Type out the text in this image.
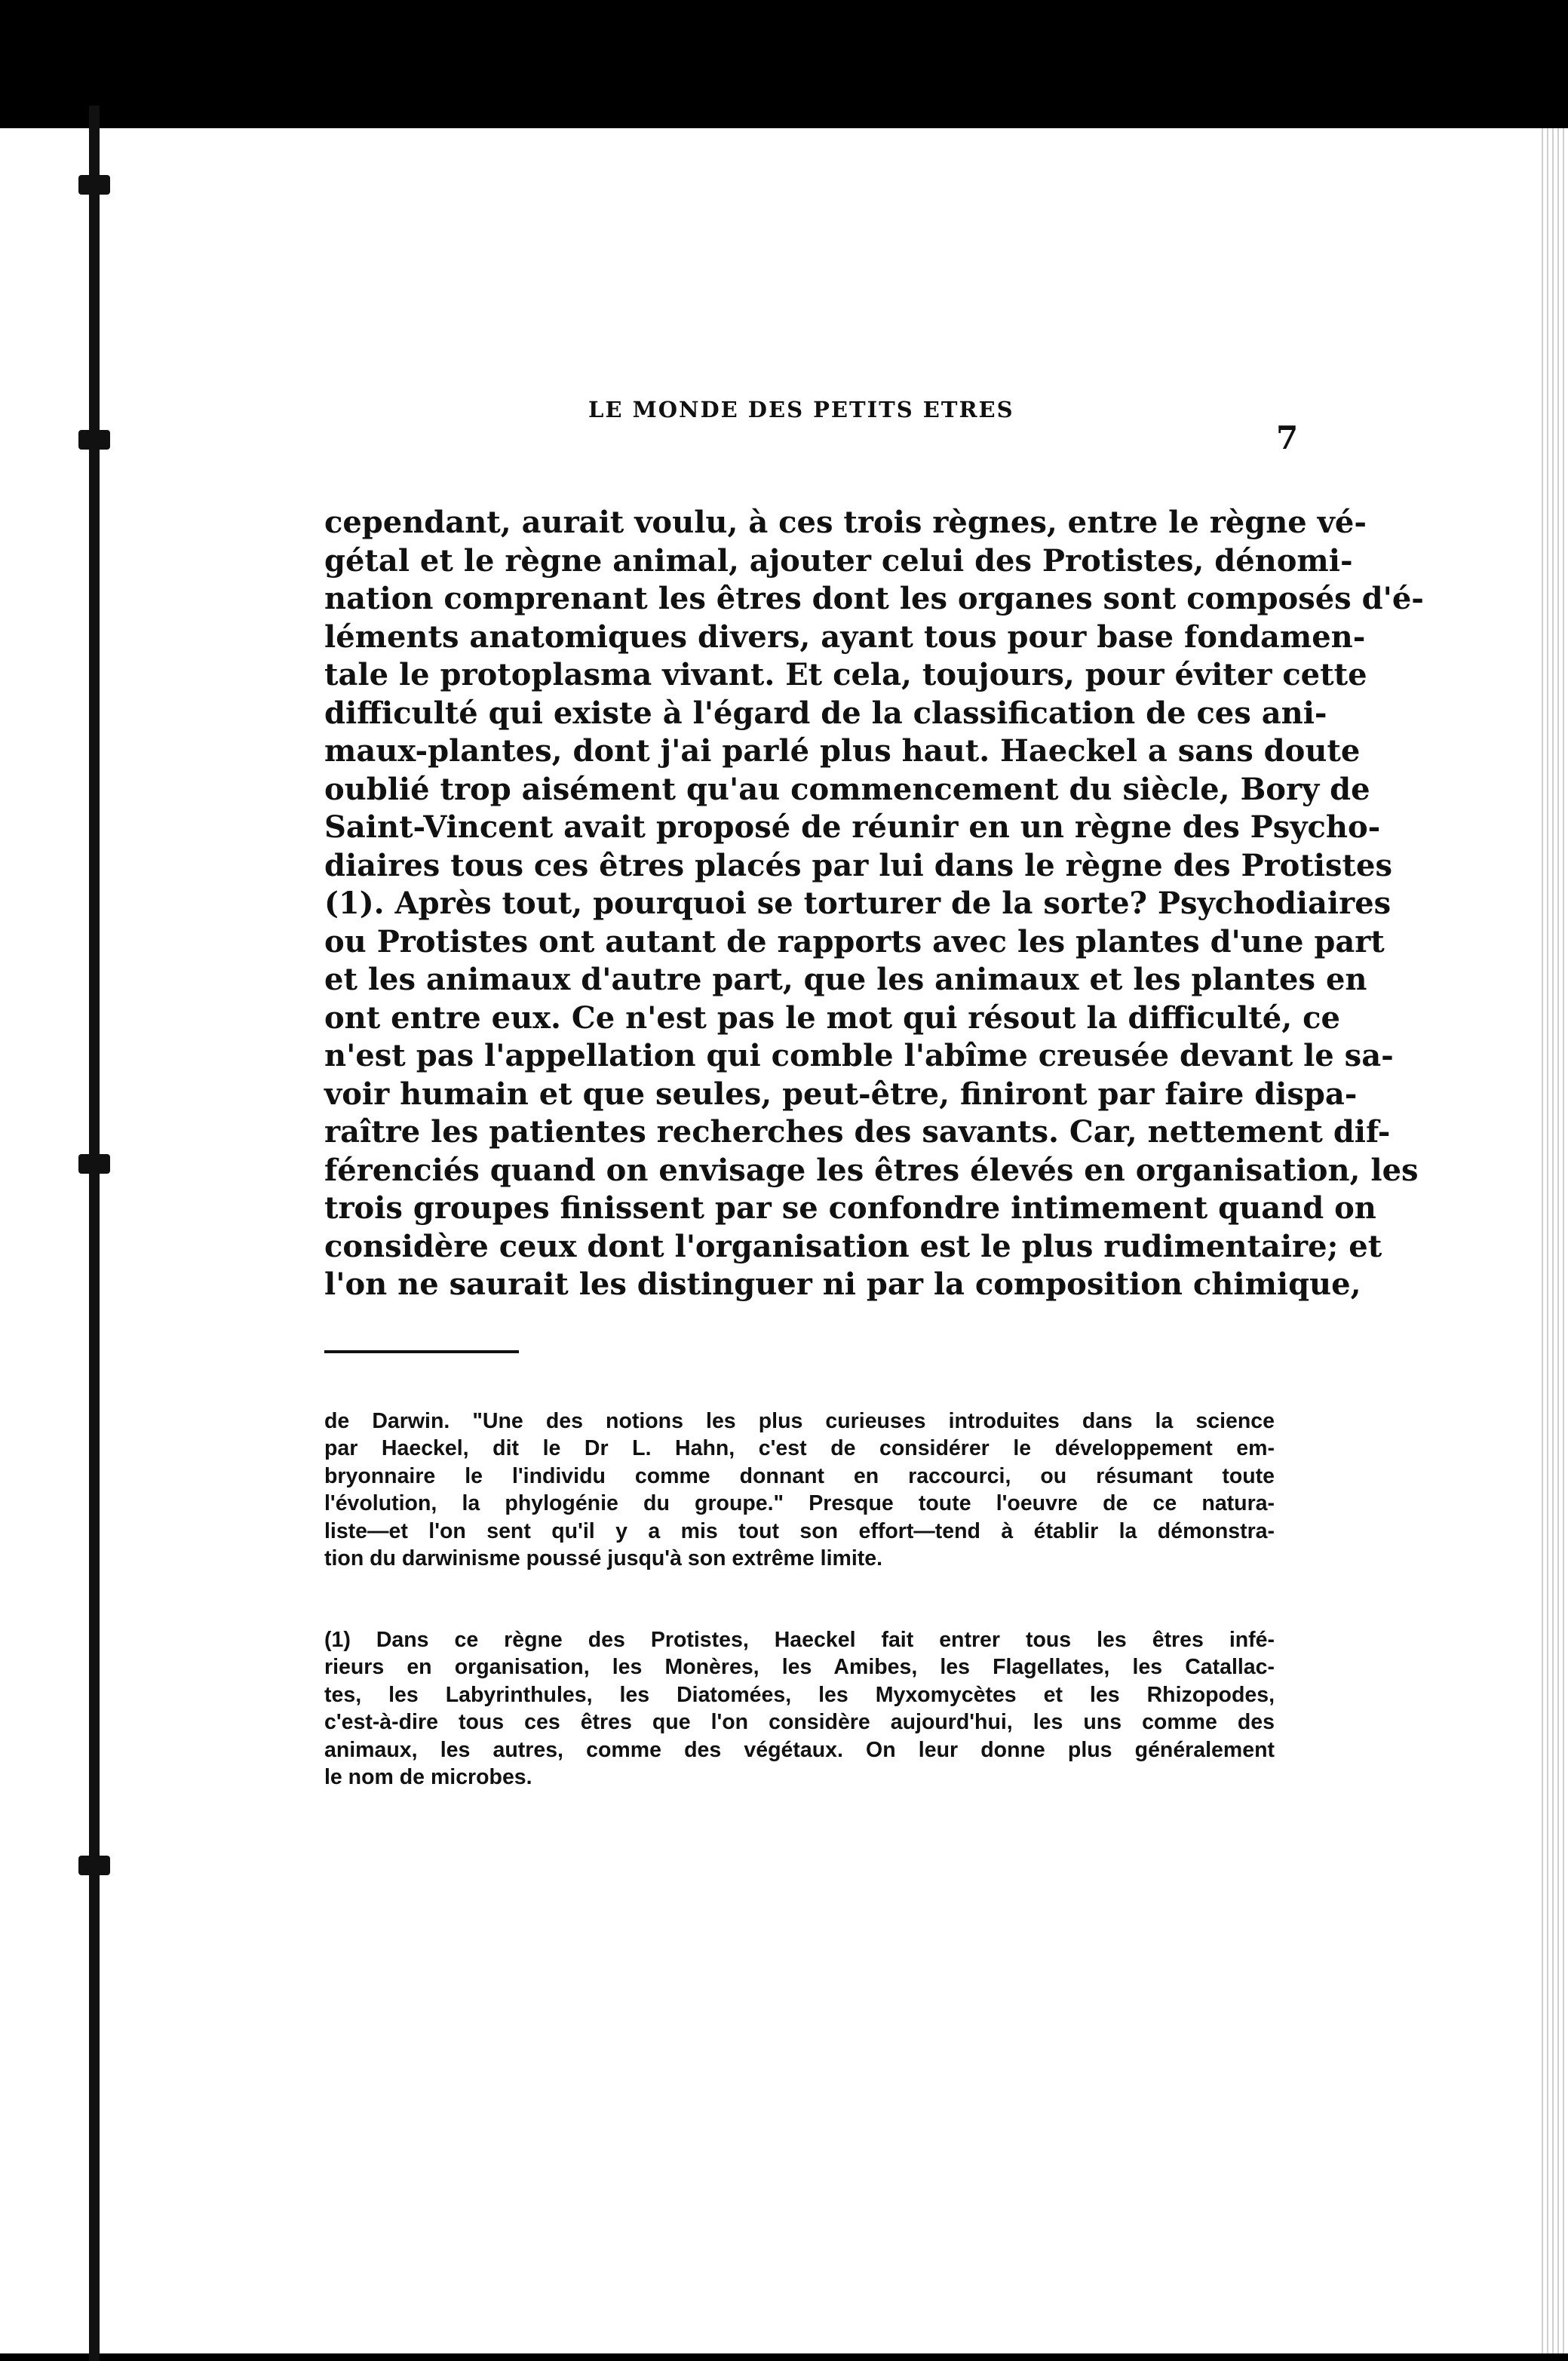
LE MONDE DES PETITS ETRES
7

cependant, aurait voulu, à ces trois règnes, entre le règne vé-

gétal et le règne animal, ajouter celui des Protistes, dénomi-

nation comprenant les êtres dont les organes sont composés d'é-

léments anatomiques divers, ayant tous pour base fondamen-

tale le protoplasma vivant. Et cela, toujours, pour éviter cette

difficulté qui existe à l'égard de la classification de ces ani-

maux-plantes, dont j'ai parlé plus haut. Haeckel a sans doute

oublié trop aisément qu'au commencement du siècle, Bory de

Saint-Vincent avait proposé de réunir en un règne des Psycho-

diaires tous ces êtres placés par lui dans le règne des Protistes

(1). Après tout, pourquoi se torturer de la sorte? Psychodiaires

ou Protistes ont autant de rapports avec les plantes d'une part

et les animaux d'autre part, que les animaux et les plantes en

ont entre eux. Ce n'est pas le mot qui résout la difficulté, ce

n'est pas l'appellation qui comble l'abîme creusée devant le sa-

voir humain et que seules, peut-être, finiront par faire dispa-

raître les patientes recherches des savants. Car, nettement dif-

férenciés quand on envisage les êtres élevés en organisation, les

trois groupes finissent par se confondre intimement quand on

considère ceux dont l'organisation est le plus rudimentaire; et

l'on ne saurait les distinguer ni par la composition chimique,

de Darwin. "Une des notions les plus curieuses introduites dans la science

par Haeckel, dit le Dr L. Hahn, c'est de considérer le développement em-

bryonnaire le l'individu comme donnant en raccourci, ou résumant toute

l'évolution, la phylogénie du groupe." Presque toute l'oeuvre de ce natura-

liste—et l'on sent qu'il y a mis tout son effort—tend à établir la démonstra-

tion du darwinisme poussé jusqu'à son extrême limite.

(1) Dans ce règne des Protistes, Haeckel fait entrer tous les êtres infé-

rieurs en organisation, les Monères, les Amibes, les Flagellates, les Catallac-

tes, les Labyrinthules, les Diatomées, les Myxomycètes et les Rhizopodes,

c'est-à-dire tous ces êtres que l'on considère aujourd'hui, les uns comme des

animaux, les autres, comme des végétaux. On leur donne plus généralement

le nom de microbes.
